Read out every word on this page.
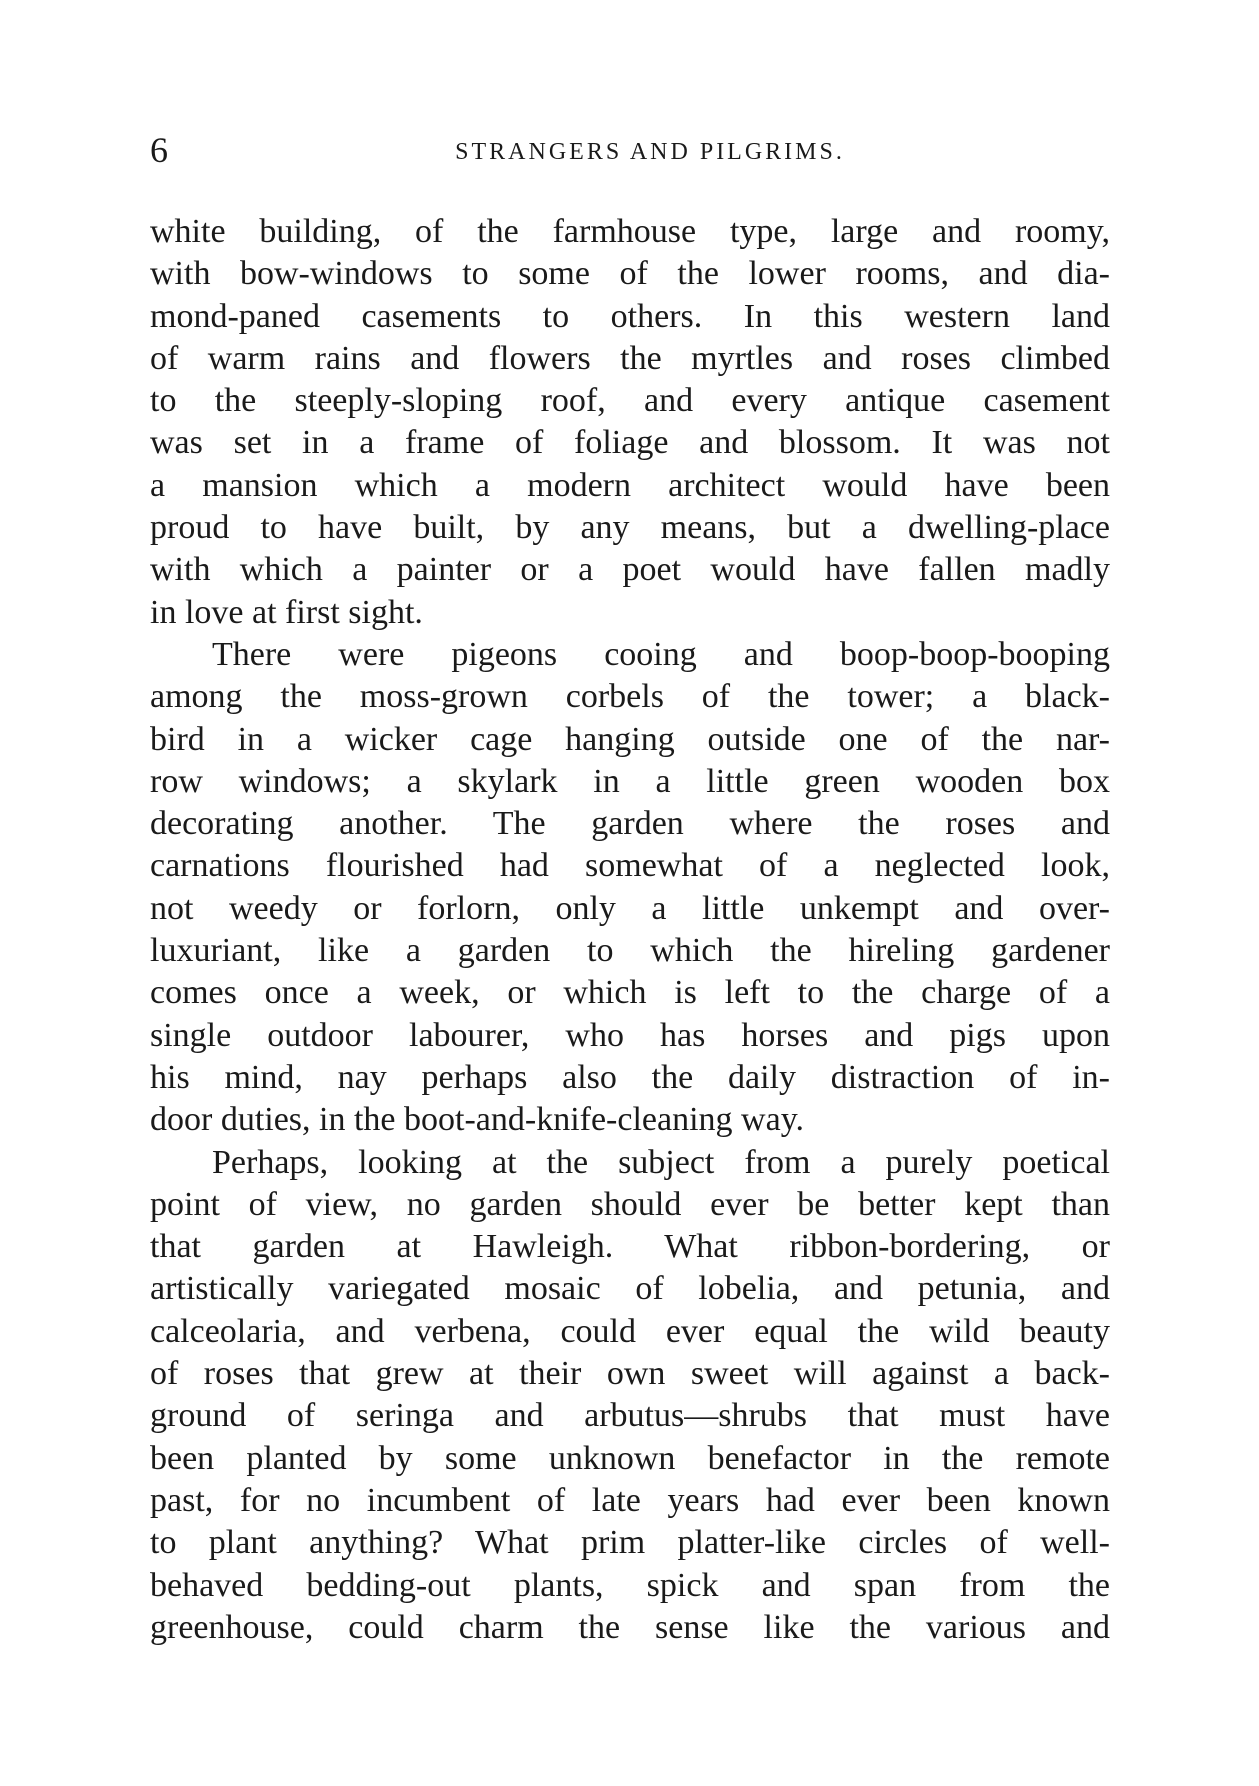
6	STRANGERS AND PILGRIMS.
white building, of the farmhouse type, large and roomy,
with bow-windows to some of the lower rooms, and dia-
mond-paned casements to others. In this western land
of warm rains and flowers the myrtles and roses climbed
to the steeply-sloping roof, and every antique casement
was set in a frame of foliage and blossom. It was not
a mansion which a modern architect would have been
proud to have built, by any means, but a dwelling-place
with which a painter or a poet would have fallen madly
in love at first sight.
There were pigeons cooing and boop-boop-booping
among the moss-grown corbels of the tower; a black-
bird in a wicker cage hanging outside one of the nar-
row windows; a skylark in a little green wooden box
decorating another. The garden where the roses and
carnations flourished had somewhat of a neglected look,
not weedy or forlorn, only a little unkempt and over-
luxuriant, like a garden to which the hireling gardener
comes once a week, or which is left to the charge of a
single outdoor labourer, who has horses and pigs upon
his mind, nay perhaps also the daily distraction of in-
door duties, in the boot-and-knife-cleaning way.
Perhaps, looking at the subject from a purely poetical
point of view, no garden should ever be better kept than
that garden at Hawleigh. What ribbon-bordering, or
artistically variegated mosaic of lobelia, and petunia, and
calceolaria, and verbena, could ever equal the wild beauty
of roses that grew at their own sweet will against a back-
ground of seringa and arbutus—shrubs that must have
been planted by some unknown benefactor in the remote
past, for no incumbent of late years had ever been known
to plant anything? What prim platter-like circles of well-
behaved bedding-out plants, spick and span from the
greenhouse, could charm the sense like the various and
